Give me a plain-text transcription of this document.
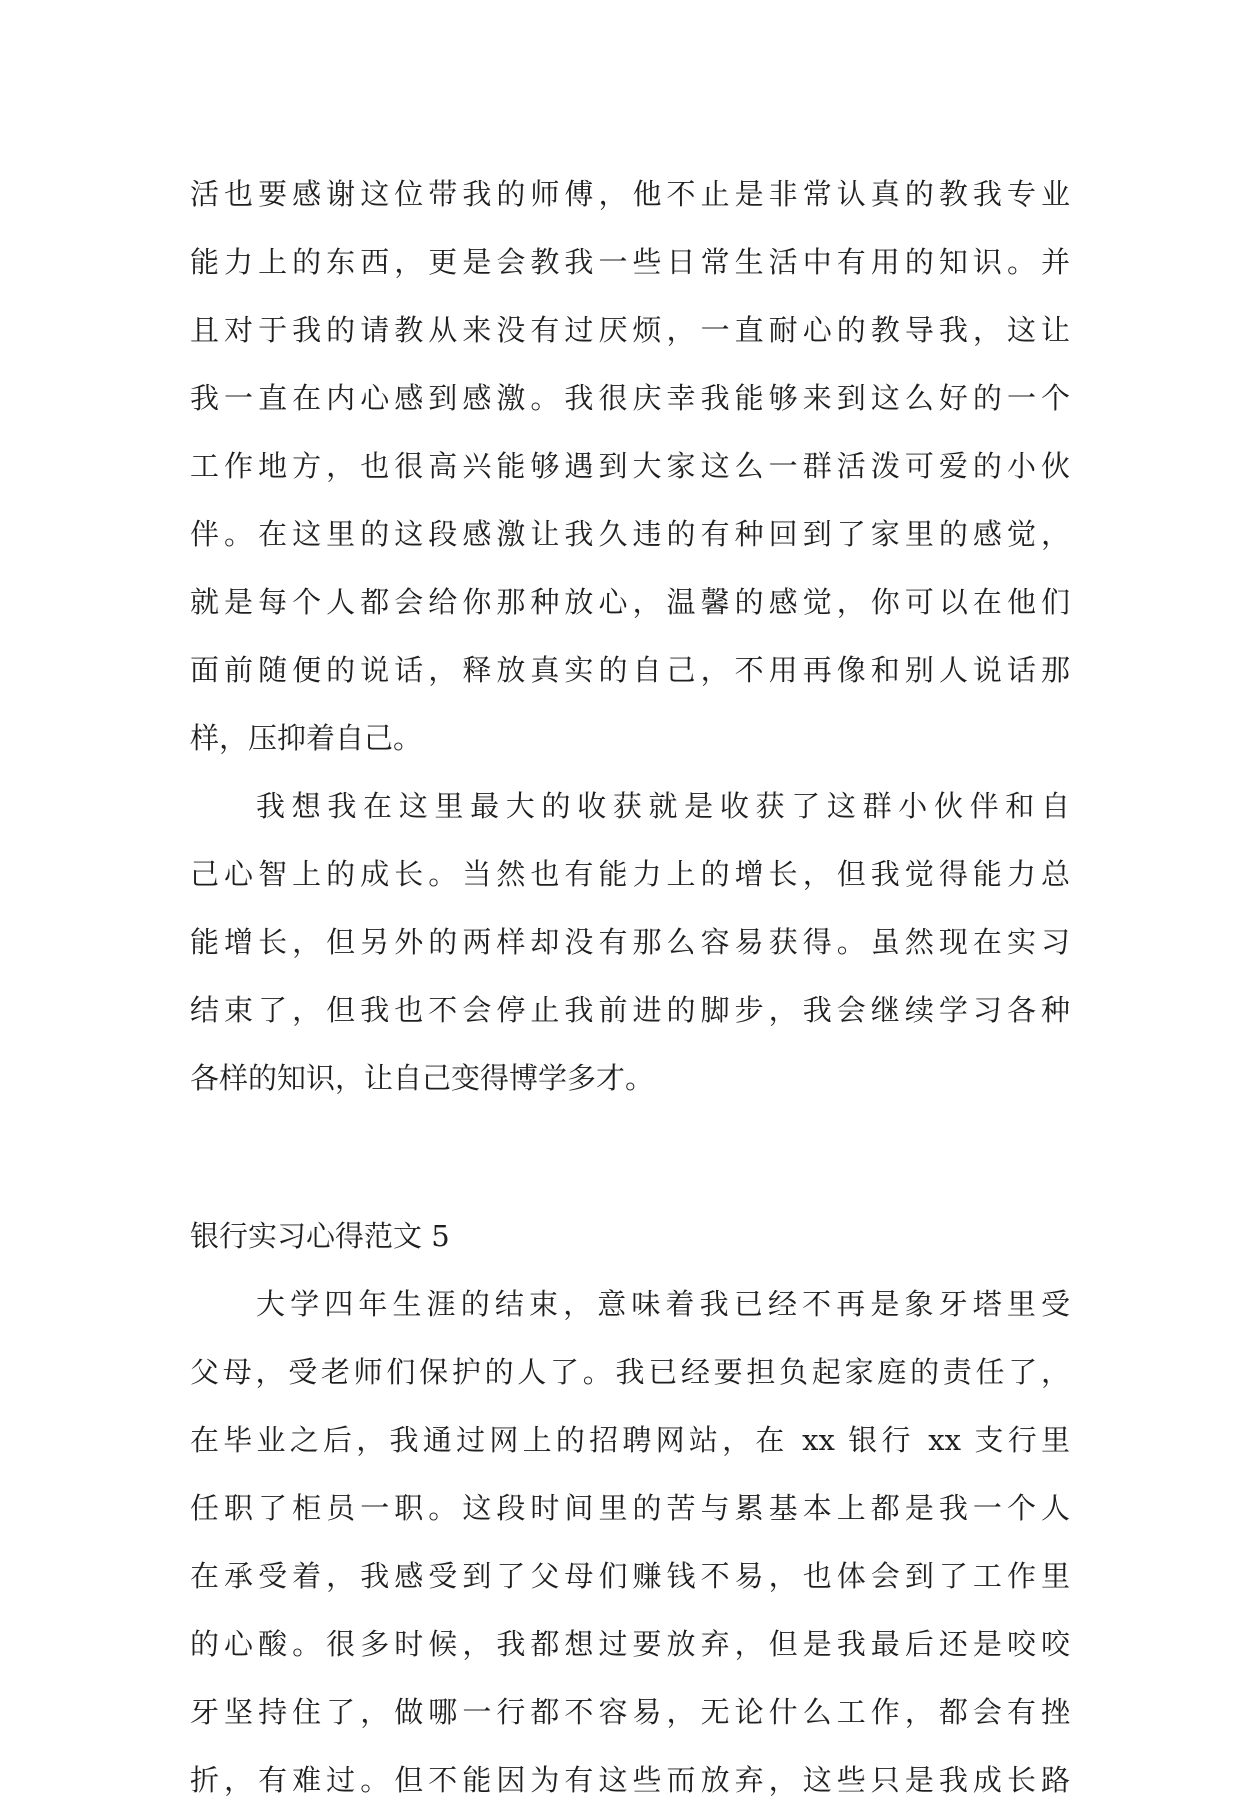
活也要感谢这位带我的师傅，他不止是非常认真的教我专业
能力上的东西，更是会教我一些日常生活中有用的知识。并
且对于我的请教从来没有过厌烦，一直耐心的教导我，这让
我一直在内心感到感激。我很庆幸我能够来到这么好的一个
工作地方，也很高兴能够遇到大家这么一群活泼可爱的小伙
伴。在这里的这段感激让我久违的有种回到了家里的感觉，
就是每个人都会给你那种放心，温馨的感觉，你可以在他们
面前随便的说话，释放真实的自己，不用再像和别人说话那
样，压抑着自己。
我想我在这里最大的收获就是收获了这群小伙伴和自
己心智上的成长。当然也有能力上的增长，但我觉得能力总
能增长，但另外的两样却没有那么容易获得。虽然现在实习
结束了，但我也不会停止我前进的脚步，我会继续学习各种
各样的知识，让自己变得博学多才。
银行实习心得范文 5
大学四年生涯的结束，意味着我已经不再是象牙塔里受
父母，受老师们保护的人了。我已经要担负起家庭的责任了，
在毕业之后，我通过网上的招聘网站，在 xx 银行 xx 支行里
任职了柜员一职。这段时间里的苦与累基本上都是我一个人
在承受着，我感受到了父母们赚钱不易，也体会到了工作里
的心酸。很多时候，我都想过要放弃，但是我最后还是咬咬
牙坚持住了，做哪一行都不容易，无论什么工作，都会有挫
折，有难过。但不能因为有这些而放弃，这些只是我成长路
